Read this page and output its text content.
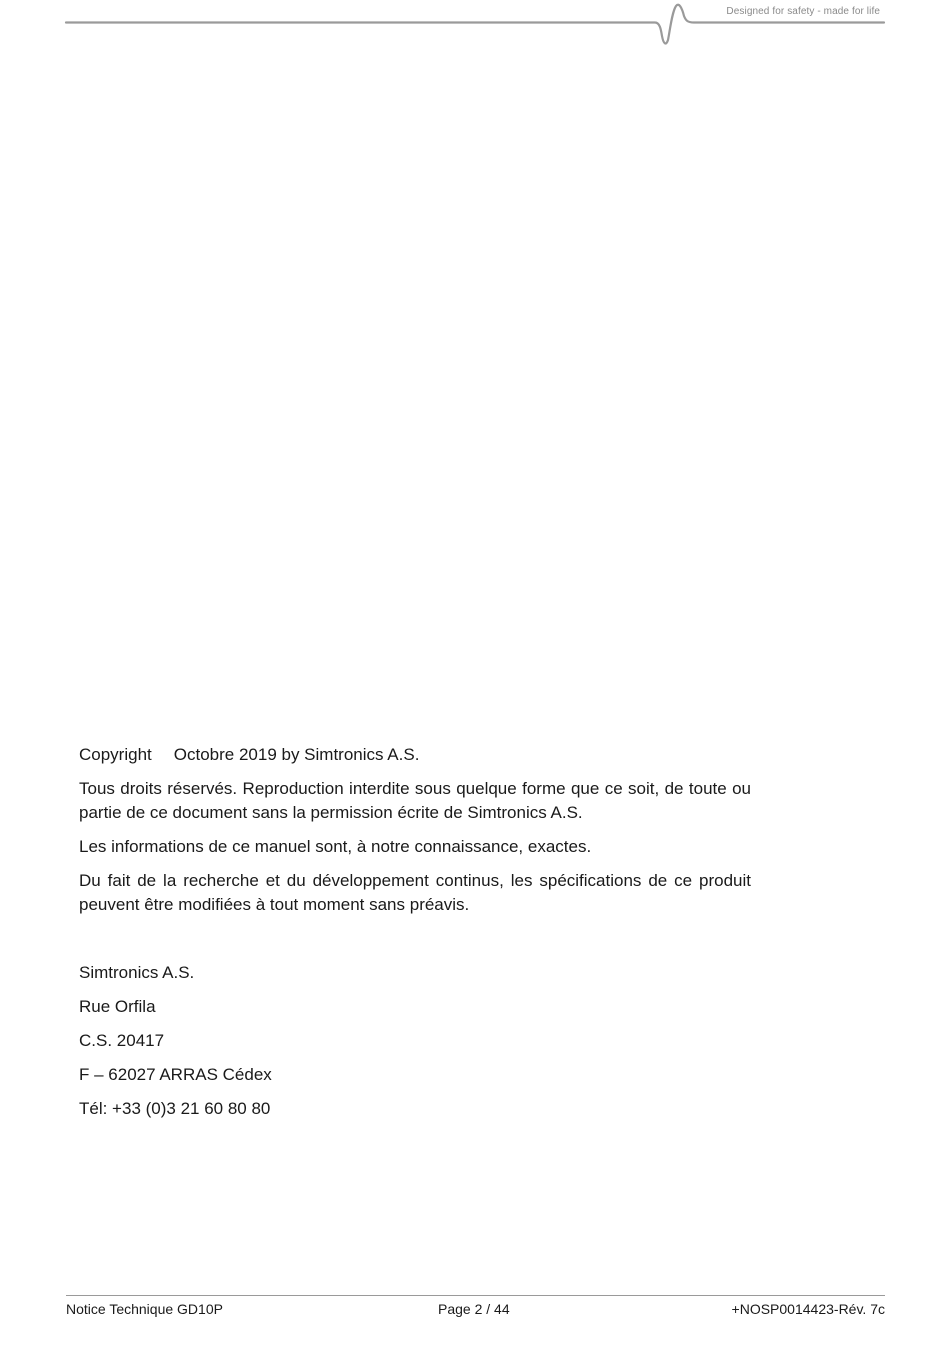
Designed for safety - made for life

Copyright Octobre 2019 by Simtronics A.S.

Tous droits réservés. Reproduction interdite sous quelque forme que ce soit, de toute ou partie de ce document sans la permission écrite de Simtronics A.S.

Les informations de ce manuel sont, à notre connaissance, exactes.

Du fait de la recherche et du développement continus, les spécifications de ce produit peuvent être modifiées à tout moment sans préavis.

Simtronics A.S.
Rue Orfila
C.S. 20417
F – 62027 ARRAS Cédex
Tél: +33 (0)3 21 60 80 80
Notice Technique GD10P	Page 2 / 44	+NOSP0014423-Rév. 7c
